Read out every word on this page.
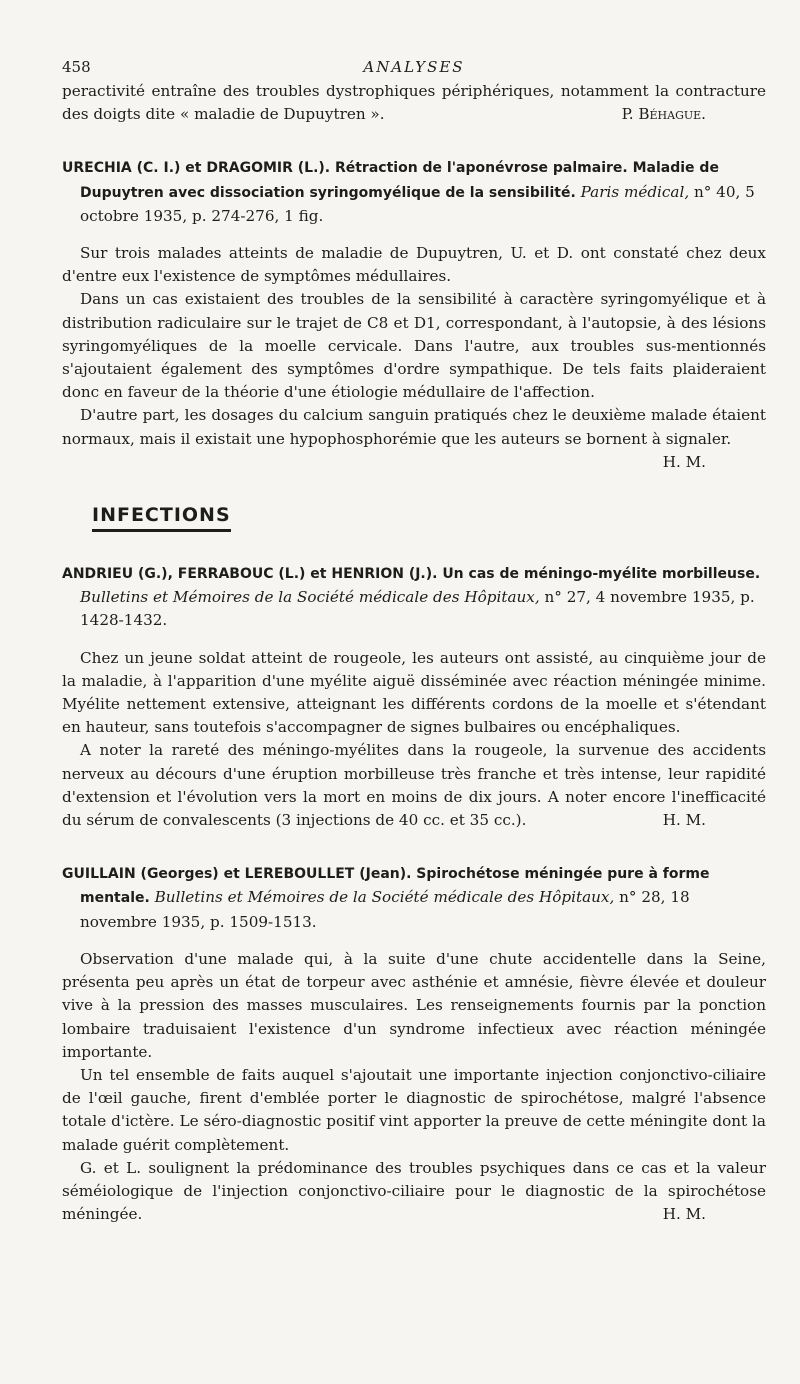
458	ANALYSES

peractivité entraîne des troubles dystrophiques périphériques, notamment la contracture des doigts dite « maladie de Dupuytren ».	P. Béhague.

URECHIA (C. I.) et DRAGOMIR (L.). Rétraction de l'aponévrose palmaire. Maladie de Dupuytren avec dissociation syringomyélique de la sensibilité. Paris médical, n° 40, 5 octobre 1935, p. 274-276, 1 fig.

Sur trois malades atteints de maladie de Dupuytren, U. et D. ont constaté chez deux d'entre eux l'existence de symptômes médullaires.

Dans un cas existaient des troubles de la sensibilité à caractère syringomyélique et à distribution radiculaire sur le trajet de C8 et D1, correspondant, à l'autopsie, à des lésions syringomyéliques de la moelle cervicale. Dans l'autre, aux troubles sus-mentionnés s'ajoutaient également des symptômes d'ordre sympathique. De tels faits plaideraient donc en faveur de la théorie d'une étiologie médullaire de l'affection.

D'autre part, les dosages du calcium sanguin pratiqués chez le deuxième malade étaient normaux, mais il existait une hypophosphorémie que les auteurs se bornent à signaler.
H. M.

INFECTIONS

ANDRIEU (G.), FERRABOUC (L.) et HENRION (J.). Un cas de méningo-myélite morbilleuse. Bulletins et Mémoires de la Société médicale des Hôpitaux, n° 27, 4 novembre 1935, p. 1428-1432.

Chez un jeune soldat atteint de rougeole, les auteurs ont assisté, au cinquième jour de la maladie, à l'apparition d'une myélite aiguë disséminée avec réaction méningée minime. Myélite nettement extensive, atteignant les différents cordons de la moelle et s'étendant en hauteur, sans toutefois s'accompagner de signes bulbaires ou encéphaliques.

A noter la rareté des méningo-myélites dans la rougeole, la survenue des accidents nerveux au décours d'une éruption morbilleuse très franche et très intense, leur rapidité d'extension et l'évolution vers la mort en moins de dix jours. A noter encore l'inefficacité du sérum de convalescents (3 injections de 40 cc. et 35 cc.).	H. M.

GUILLAIN (Georges) et LEREBOULLET (Jean). Spirochétose méningée pure à forme mentale. Bulletins et Mémoires de la Société médicale des Hôpitaux, n° 28, 18 novembre 1935, p. 1509-1513.

Observation d'une malade qui, à la suite d'une chute accidentelle dans la Seine, présenta peu après un état de torpeur avec asthénie et amnésie, fièvre élevée et douleur vive à la pression des masses musculaires. Les renseignements fournis par la ponction lombaire traduisaient l'existence d'un syndrome infectieux avec réaction méningée importante.

Un tel ensemble de faits auquel s'ajoutait une importante injection conjonctivo-ciliaire de l'œil gauche, firent d'emblée porter le diagnostic de spirochétose, malgré l'absence totale d'ictère. Le séro-diagnostic positif vint apporter la preuve de cette méningite dont la malade guérit complètement.

G. et L. soulignent la prédominance des troubles psychiques dans ce cas et la valeur séméiologique de l'injection conjonctivo-ciliaire pour le diagnostic de la spirochétose méningée.	H. M.
